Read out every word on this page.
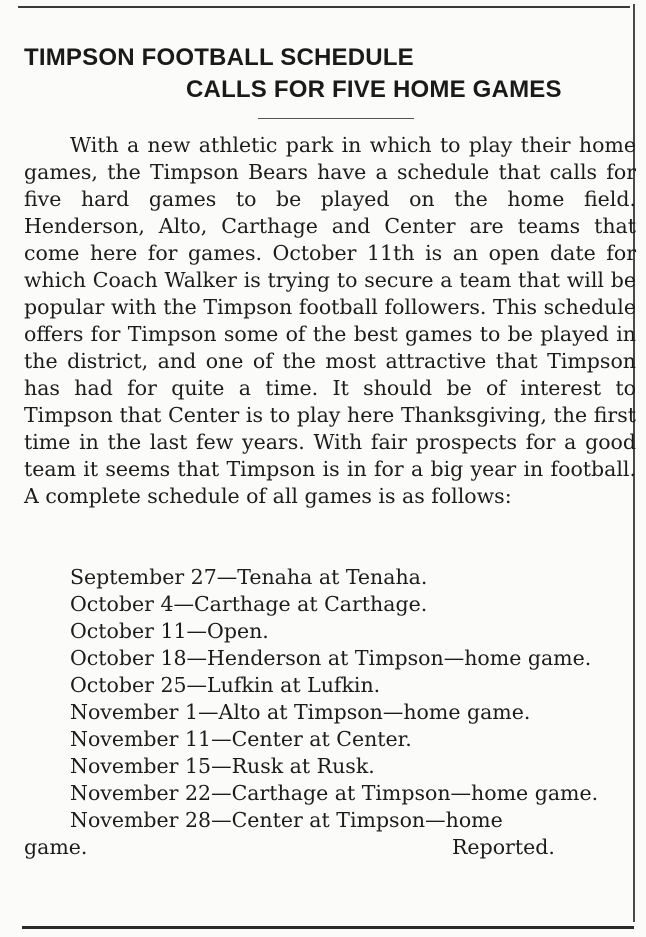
TIMPSON FOOTBALL SCHEDULE
CALLS FOR FIVE HOME GAMES
With a new athletic park in which to play their home games, the Timpson Bears have a schedule that calls for five hard games to be played on the home field. Henderson, Alto, Carthage and Center are teams that come here for games. October 11th is an open date for which Coach Walker is trying to secure a team that will be popular with the Timpson football followers. This schedule offers for Timpson some of the best games to be played in the district, and one of the most attractive that Timpson has had for quite a time. It should be of interest to Timpson that Center is to play here Thanksgiving, the first time in the last few years. With fair prospects for a good team it seems that Timpson is in for a big year in football. A complete schedule of all games is as follows:
September 27—Tenaha at Tenaha.
October 4—Carthage at Carthage.
October 11—Open.
October 18—Henderson at Timpson—home game.
October 25—Lufkin at Lufkin.
November 1—Alto at Timpson—home game.
November 11—Center at Center.
November 15—Rusk at Rusk.
November 22—Carthage at Timpson—home game.
November 28—Center at Timpson—home
game.	Reported.
